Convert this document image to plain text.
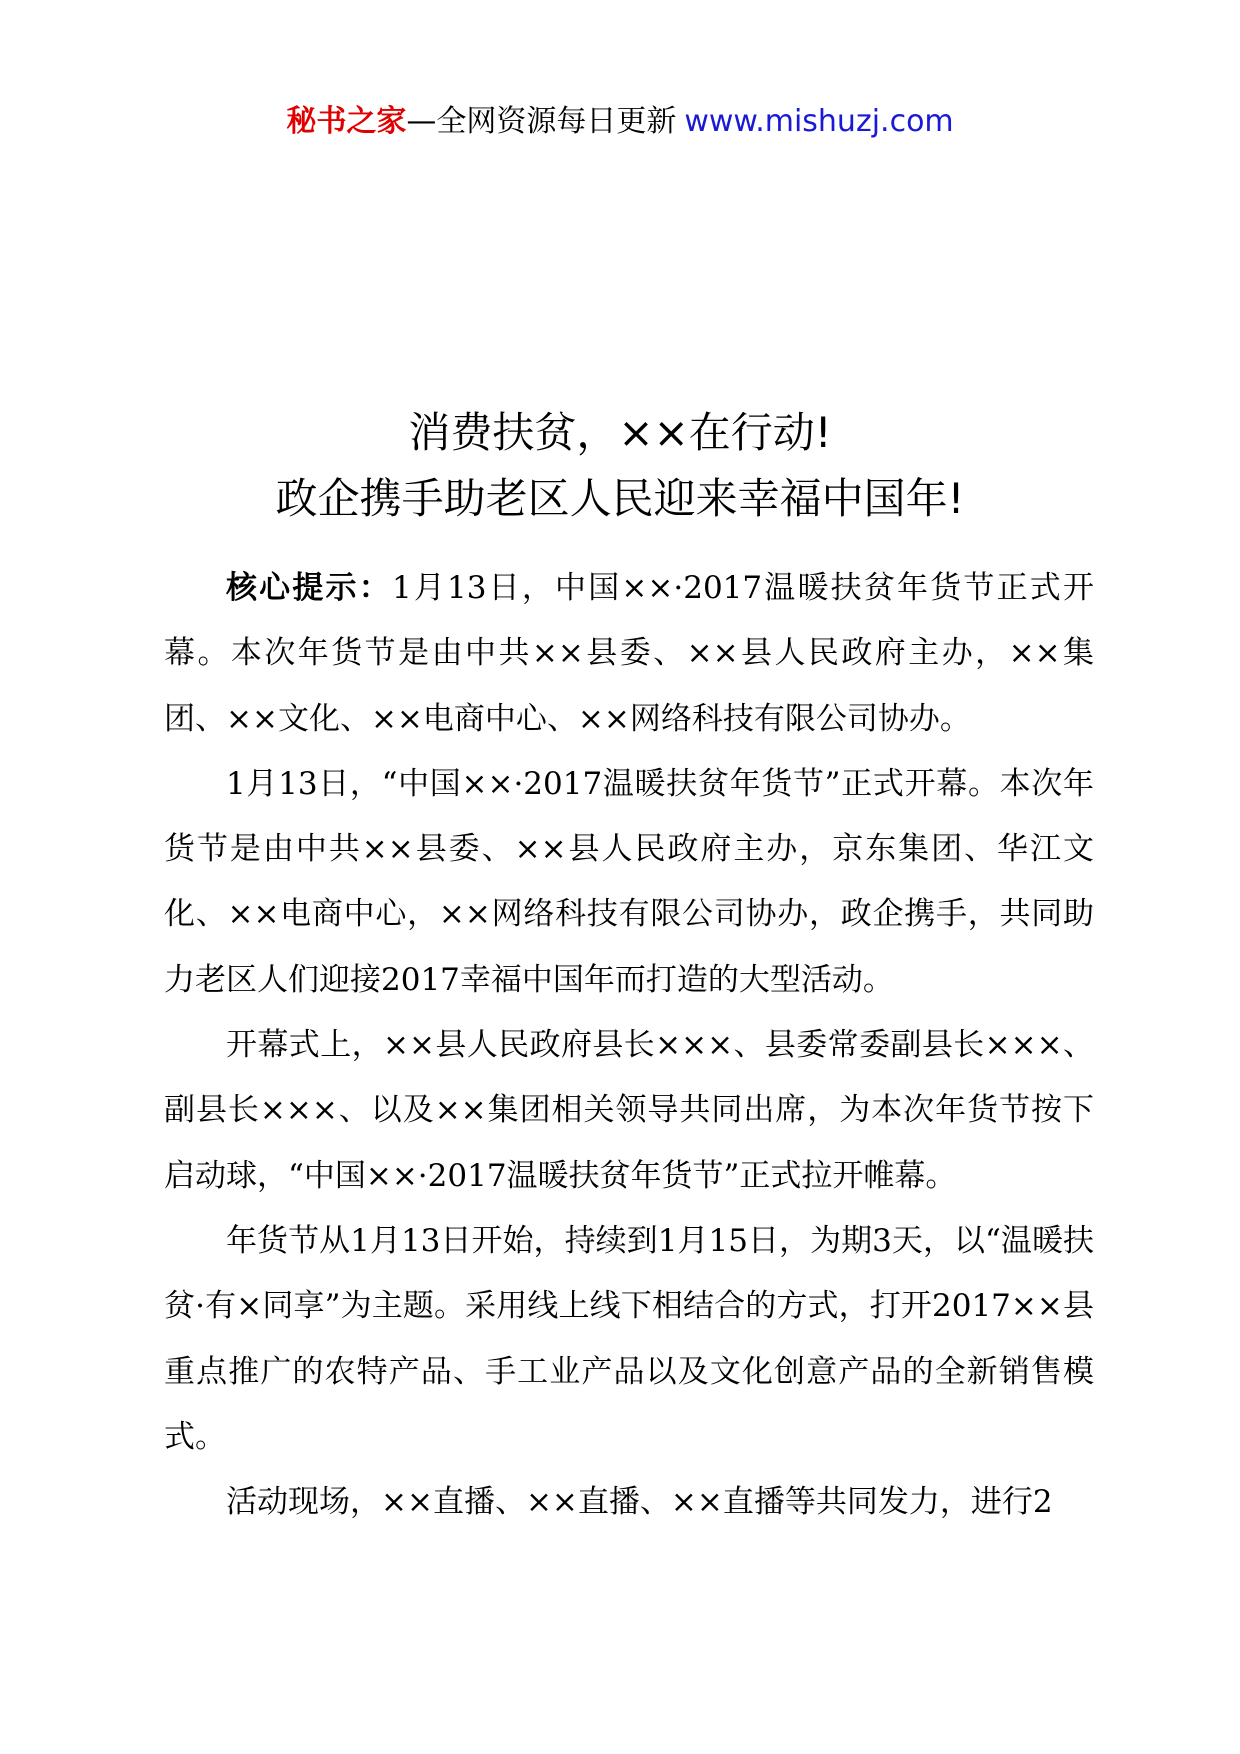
秘书之家—全网资源每日更新 www.mishuzj.com
消费扶贫，××在行动!
政企携手助老区人民迎来幸福中国年!

核心提示：1月13日，中国××·2017温暖扶贫年货节正式开幕。本次年货节是由中共××县委、××县人民政府主办，××集团、××文化、××电商中心、××网络科技有限公司协办。

1月13日，“中国××·2017温暖扶贫年货节”正式开幕。本次年货节是由中共××县委、××县人民政府主办，京东集团、华江文化、××电商中心，××网络科技有限公司协办，政企携手，共同助力老区人们迎接2017幸福中国年而打造的大型活动。

开幕式上，××县人民政府县长×××、县委常委副县长×××、副县长×××、以及××集团相关领导共同出席，为本次年货节按下启动球，“中国××·2017温暖扶贫年货节”正式拉开帷幕。

年货节从1月13日开始，持续到1月15日，为期3天，以“温暖扶贫·有×同享”为主题。采用线上线下相结合的方式，打开2017××县重点推广的农特产品、手工业产品以及文化创意产品的全新销售模式。

活动现场，××直播、××直播、××直播等共同发力，进行2
